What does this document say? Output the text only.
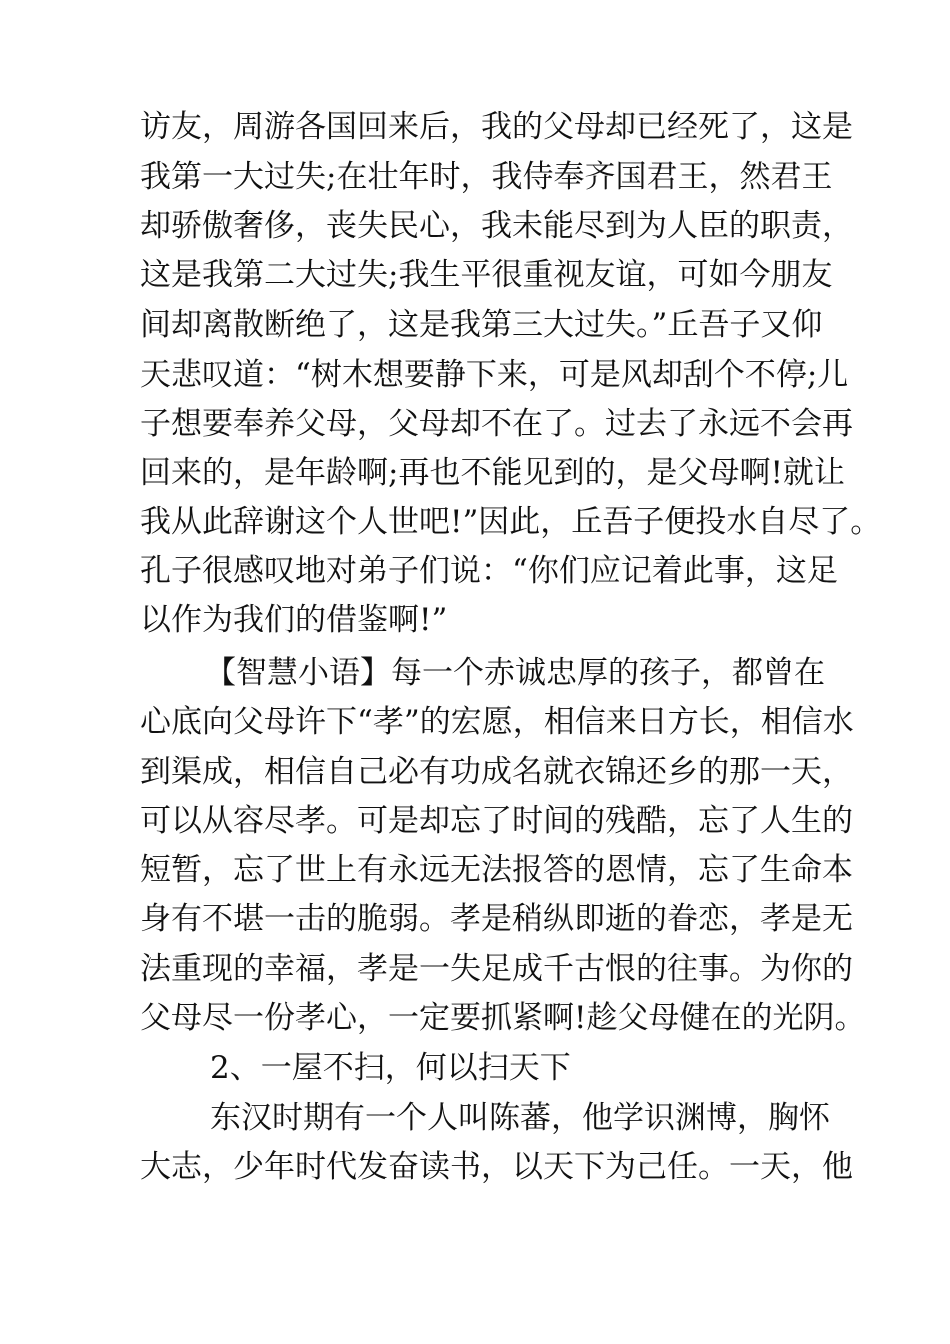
访友，周游各国回来后，我的父母却已经死了，这是
我第一大过失;在壮年时，我侍奉齐国君王，然君王
却骄傲奢侈，丧失民心，我未能尽到为人臣的职责，
这是我第二大过失;我生平很重视友谊，可如今朋友
间却离散断绝了，这是我第三大过失。”丘吾子又仰
天悲叹道：“树木想要静下来，可是风却刮个不停;儿
子想要奉养父母，父母却不在了。过去了永远不会再
回来的，是年龄啊;再也不能见到的，是父母啊!就让
我从此辞谢这个人世吧!”因此，丘吾子便投水自尽了。
孔子很感叹地对弟子们说：“你们应记着此事，这足
以作为我们的借鉴啊!”
【智慧小语】每一个赤诚忠厚的孩子，都曾在
心底向父母许下“孝”的宏愿，相信来日方长，相信水
到渠成，相信自己必有功成名就衣锦还乡的那一天，
可以从容尽孝。可是却忘了时间的残酷，忘了人生的
短暂，忘了世上有永远无法报答的恩情，忘了生命本
身有不堪一击的脆弱。孝是稍纵即逝的眷恋，孝是无
法重现的幸福，孝是一失足成千古恨的往事。为你的
父母尽一份孝心，一定要抓紧啊!趁父母健在的光阴。
2、一屋不扫，何以扫天下
东汉时期有一个人叫陈蕃，他学识渊博，胸怀
大志，少年时代发奋读书，以天下为己任。一天，他
